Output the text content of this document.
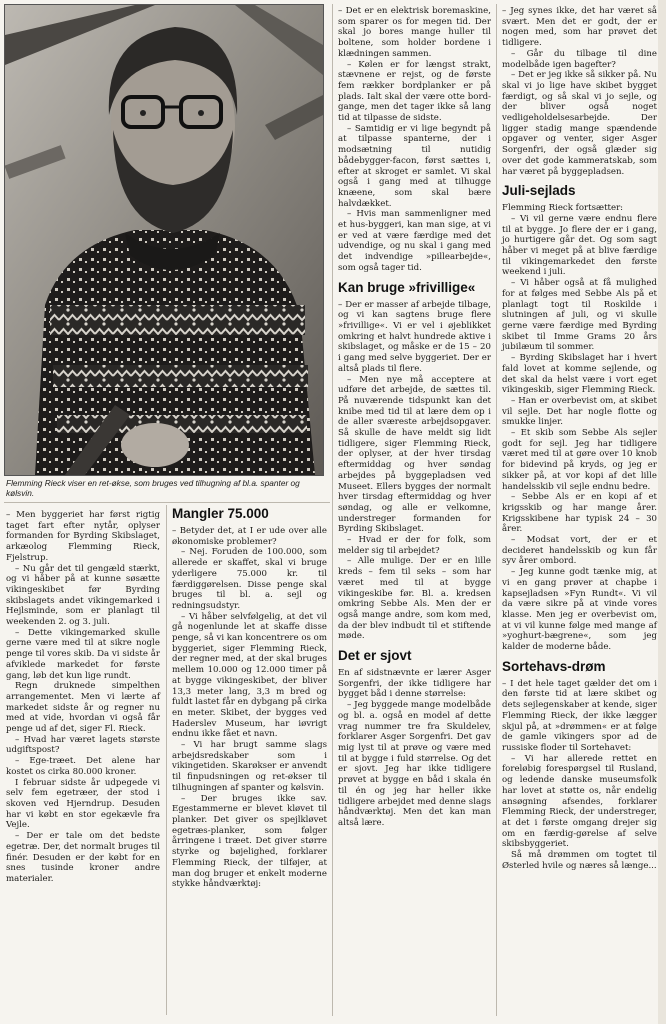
Flemming Rieck viser en ret-økse, som bruges ved tilhugning af bl.a. spanter og kølsvin.

– Det er en elektrisk boremaskine, som sparer os for megen tid. Der skal jo bores mange huller til boltene, som holder bordene i klædningen sammen.

– Kølen er for længst strakt, stævnene er rejst, og de første fem rækker bordplanker er på plads. Ialt skal der være otte bord-gange, men det tager ikke så lang tid at tilpasse de sidste.

– Samtidig er vi lige begyndt på at tilpasse spanterne, der i modsætning til nutidig bådebygger-facon, først sættes i, efter at skroget er samlet. Vi skal også i gang med at tilhugge knæene, som skal bære halvdækket.

– Hvis man sammenligner med et hus-byggeri, kan man sige, at vi er ved at være færdige med det udvendige, og nu skal i gang med det indvendige »pillearbejde«, som også tager tid.

Kan bruge »frivillige«

– Der er masser af arbejde tilbage, og vi kan sagtens bruge flere »frivillige«. Vi er vel i øjeblikket omkring et halvt hundrede aktive i skibslaget, og måske er de 15 – 20 i gang med selve byggeriet. Der er altså plads til flere.

– Men nye må acceptere at udføre det arbejde, de sættes til. På nuværende tidspunkt kan det knibe med tid til at lære dem op i de aller sværeste arbejdsopgaver. Så skulle de have meldt sig lidt tidligere, siger Flemming Rieck, der oplyser, at der hver tirsdag eftermiddag og hver søndag arbejdes på byggepladsen ved Museet. Ellers bygges der normalt hver tirsdag eftermiddag og hver søndag, og alle er velkomne, understreger formanden for Byrding Skibslaget.

– Hvad er der for folk, som melder sig til arbejdet?

– Alle mulige. Der er en lille kreds – fem til seks – som har været med til at bygge vikingeskibe før. Bl. a. kredsen omkring Sebbe Als. Men der er også mange andre, som kom med, da der blev indbudt til et stiftende møde.

Det er sjovt

En af sidstnævnte er lærer Asger Sorgenfri, der ikke tidligere har bygget båd i denne størrelse:

– Jeg byggede mange modelbåde og bl. a. også en model af dette vrag nummer tre fra Skuldelev, forklarer Asger Sorgenfri. Det gav mig lyst til at prøve og være med til at bygge i fuld størrelse. Og det er sjovt. Jeg har ikke tidligere prøvet at bygge en båd i skala én til én og jeg har heller ikke tidligere arbejdet med denne slags håndværktøj. Men det kan man altså lære.

– Jeg synes ikke, det har været så svært. Men det er godt, der er nogen med, som har prøvet det tidligere.

– Går du tilbage til dine modelbåde igen bagefter?

– Det er jeg ikke så sikker på. Nu skal vi jo lige have skibet bygget færdigt, og så skal vi jo sejle, og der bliver også noget vedligeholdelsesarbejde. Der ligger stadig mange spændende opgaver og venter, siger Asger Sorgenfri, der også glæder sig over det gode kammeratskab, som har været på byggepladsen.

Juli-sejlads

Flemming Rieck fortsætter:

– Vi vil gerne være endnu flere til at bygge. Jo flere der er i gang, jo hurtigere går det. Og som sagt håber vi meget på at blive færdige til vikingemarkedet den første weekend i juli.

– Vi håber også at få mulighed for at følges med Sebbe Als på et planlagt togt til Roskilde i slutningen af juli, og vi skulle gerne være færdige med Byrding skibet til Imme Grams 20 års jubilæum til sommer.

– Byrding Skibslaget har i hvert fald lovet at komme sejlende, og det skal da helst være i vort eget vikingeskib, siger Flemming Rieck.

– Han er overbevist om, at skibet vil sejle. Det har nogle flotte og smukke linjer.

– Et skib som Sebbe Als sejler godt for sejl. Jeg har tidligere været med til at gøre over 10 knob for bidevind på kryds, og jeg er sikker på, at vor kopi af det lille handelsskib vil sejle endnu bedre.

– Sebbe Als er en kopi af et krigsskib og har mange årer. Krigsskibene har typisk 24 – 30 årer.

– Modsat vort, der er et decideret handelsskib og kun får syv årer ombord.

– Jeg kunne godt tænke mig, at vi en gang prøver at chapbe i kapsejladsen »Fyn Rundt«. Vi vil da være sikre på at vinde vores klasse. Men jeg er overbevist om, at vi vil kunne følge med mange af »yoghurt-bægrene«, som jeg kalder de moderne både.

Sortehavs-drøm

– I det hele taget gælder det om i den første tid at lære skibet og dets sejlegenskaber at kende, siger Flemming Rieck, der ikke lægger skjul på, at »drømmen« er at følge de gamle vikingers spor ad de russiske floder til Sortehavet:

– Vi har allerede rettet en foreløbig forespørgsel til Rusland, og ledende danske museumsfolk har lovet at støtte os, når endelig ansøgning afsendes, forklarer Flemming Rieck, der understreger, at det i første omgang drejer sig om en færdig-gørelse af selve skibsbyggeriet.

Så må drømmen om togtet til Østerled hvile og næres så længe...

– Men byggeriet har først rigtig taget fart efter nytår, oplyser formanden for Byrding Skibslaget, arkæolog Flemming Rieck, Fjelstrup.

– Nu går det til gengæld stærkt, og vi håber på at kunne søsætte vikingeskibet før Byrding skibslagets andet vikingemarked i Hejlsminde, som er planlagt til weekenden 2. og 3. juli.

– Dette vikingemarked skulle gerne være med til at sikre nogle penge til vores skib. Da vi sidste år afviklede markedet for første gang, løb det kun lige rundt.

Regn druknede simpelthen arrangementet. Men vi lærte af markedet sidste år og regner nu med at vide, hvordan vi også får penge ud af det, siger Fl. Rieck.

– Hvad har været lagets største udgiftspost?

– Ege-træet. Det alene har kostet os cirka 80.000 kroner.

I februar sidste år udpegede vi selv fem egetræer, der stod i skoven ved Hjerndrup. Desuden har vi købt en stor egekævle fra Vejle.

– Der er tale om det bedste egetræ. Der, det normalt bruges til finér. Desuden er der købt for en snes tusinde kroner andre materialer.

Mangler 75.000

– Betyder det, at I er ude over alle økonomiske problemer?

– Nej. Foruden de 100.000, som allerede er skaffet, skal vi bruge yderligere 75.000 kr. til færdiggørelsen. Disse penge skal bruges til bl. a. sejl og redningsudstyr.

– Vi håber selvfølgelig, at det vil gå nogenlunde let at skaffe disse penge, så vi kan koncentrere os om byggeriet, siger Flemming Rieck, der regner med, at der skal bruges mellem 10.000 og 12.000 timer på at bygge vikingeskibet, der bliver 13,3 meter lang, 3,3 m bred og fuldt lastet får en dybgang på cirka en meter. Skibet, der bygges ved Haderslev Museum, har iøvrigt endnu ikke fået et navn.

– Vi har brugt samme slags arbejdsredskaber som i vikingetiden. Skarøkser er anvendt til finpudsningen og ret-økser til tilhugningen af spanter og kølsvin.

– Der bruges ikke sav. Egestammerne er blevet kløvet til planker. Det giver os spejlkløvet egetræs-planker, som følger årringene i træet. Det giver større styrke og bøjelighed, forklarer Flemming Rieck, der tilføjer, at man dog bruger et enkelt moderne stykke håndværktøj:
